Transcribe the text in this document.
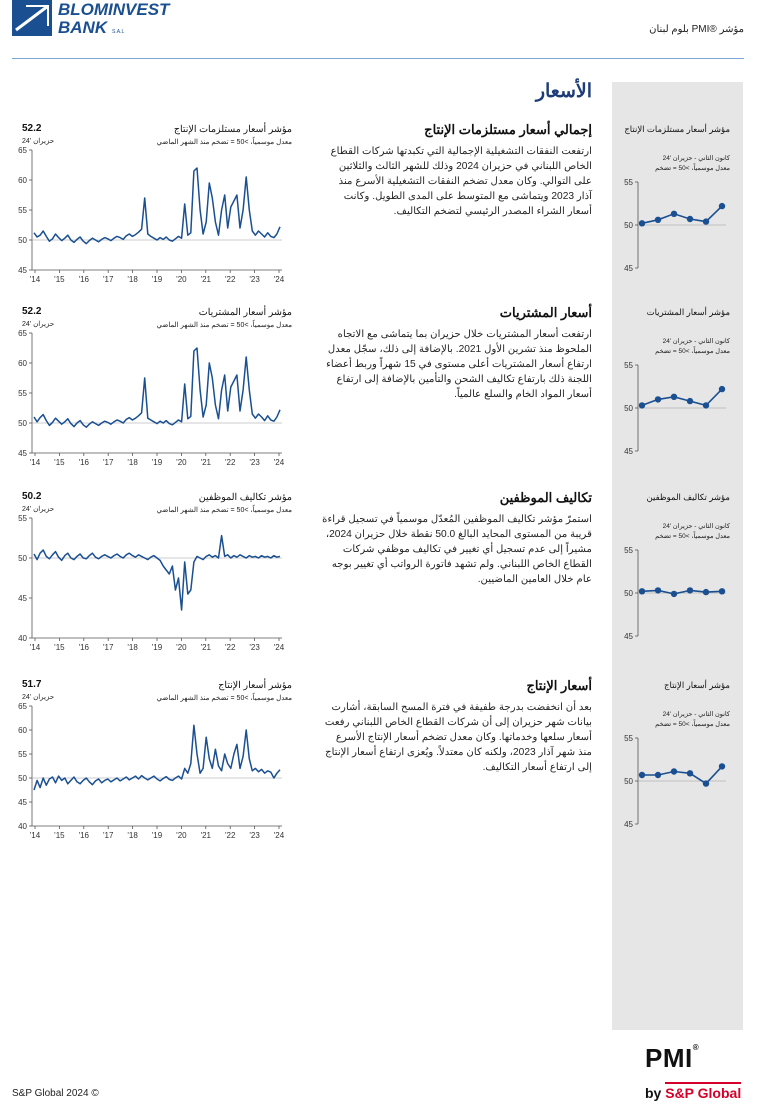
BLOMINVEST
BANK S.A.L	مؤشر ®PMI بلوم لبنان
الأسعار
إجمالي أسعار مستلزمات الإنتاج

ارتفعت النفقات التشغيلية الإجمالية التي تكبدتها شركات القطاع الخاص اللبناني في حزيران 2024 وذلك للشهر الثالث والثلاثين على التوالي. وكان معدل تضخم النفقات التشغيلية الأسرع منذ آذار 2023 ويتماشى مع المتوسط على المدى الطويل. وكانت أسعار الشراء المصدر الرئيسي لتضخم التكاليف.

مؤشر أسعار مستلزمات الإنتاج
معدل موسمياً، >50 = تضخم منذ الشهر الماضي
52.2
حزيران '24
45
50
55
60
65
'14 '15 '16 '17 '18 '19 '20 '21 '22 '23 '24
مؤشر أسعار مستلزمات الإنتاج
كانون الثاني - حزيران '24
معدل موسمياً، >50 = تضخم
45
50
55
أسعار المشتريات

ارتفعت أسعار المشتريات خلال حزيران بما يتماشى مع الاتجاه الملحوظ منذ تشرين الأول 2021. بالإضافة إلى ذلك، سجّل معدل ارتفاع أسعار المشتريات أعلى مستوى في 15 شهراً وربط أعضاء اللجنة ذلك بارتفاع تكاليف الشحن والتأمين بالإضافة إلى ارتفاع أسعار المواد الخام والسلع عالمياً.

مؤشر أسعار المشتريات
معدل موسمياً، >50 = تضخم منذ الشهر الماضي
52.2
حزيران '24
45
50
55
60
65
'14 '15 '16 '17 '18 '19 '20 '21 '22 '23 '24
مؤشر أسعار المشتريات
كانون الثاني - حزيران '24
معدل موسمياً، >50 = تضخم
45
50
55
تكاليف الموظفين

استمرّ مؤشر تكاليف الموظفين المُعدّل موسمياً في تسجيل قراءة قريبة من المستوى المحايد البالغ 50.0 نقطة خلال حزيران 2024، مشيراً إلى عدم تسجيل أي تغيير في تكاليف موظفي شركات القطاع الخاص اللبناني. ولم تشهد فاتورة الرواتب أي تغيير بوجه عام خلال العامين الماضيين.

مؤشر تكاليف الموظفين
معدل موسمياً، >50 = تضخم منذ الشهر الماضي
50.2
حزيران '24
40
45
50
55
'14 '15 '16 '17 '18 '19 '20 '21 '22 '23 '24
مؤشر تكاليف الموظفين
كانون الثاني - حزيران '24
معدل موسمياً، >50 = تضخم
45
50
55
أسعار الإنتاج

بعد أن انخفضت بدرجة طفيفة في فترة المسح السابقة، أشارت بيانات شهر حزيران إلى أن شركات القطاع الخاص اللبناني رفعت أسعار سلعها وخدماتها. وكان معدل تضخم أسعار الإنتاج الأسرع منذ شهر آذار 2023، ولكنه كان معتدلاً. ويُعزى ارتفاع أسعار الإنتاج إلى ارتفاع أسعار التكاليف.

مؤشر أسعار الإنتاج
معدل موسمياً، >50 = تضخم منذ الشهر الماضي
51.7
حزيران '24
40
45
50
55
60
65
'14 '15 '16 '17 '18 '19 '20 '21 '22 '23 '24
مؤشر أسعار الإنتاج
كانون الثاني - حزيران '24
معدل موسمياً، >50 = تضخم
45
50
55
S&P Global 2024 ©
PMI®
by S&P Global
